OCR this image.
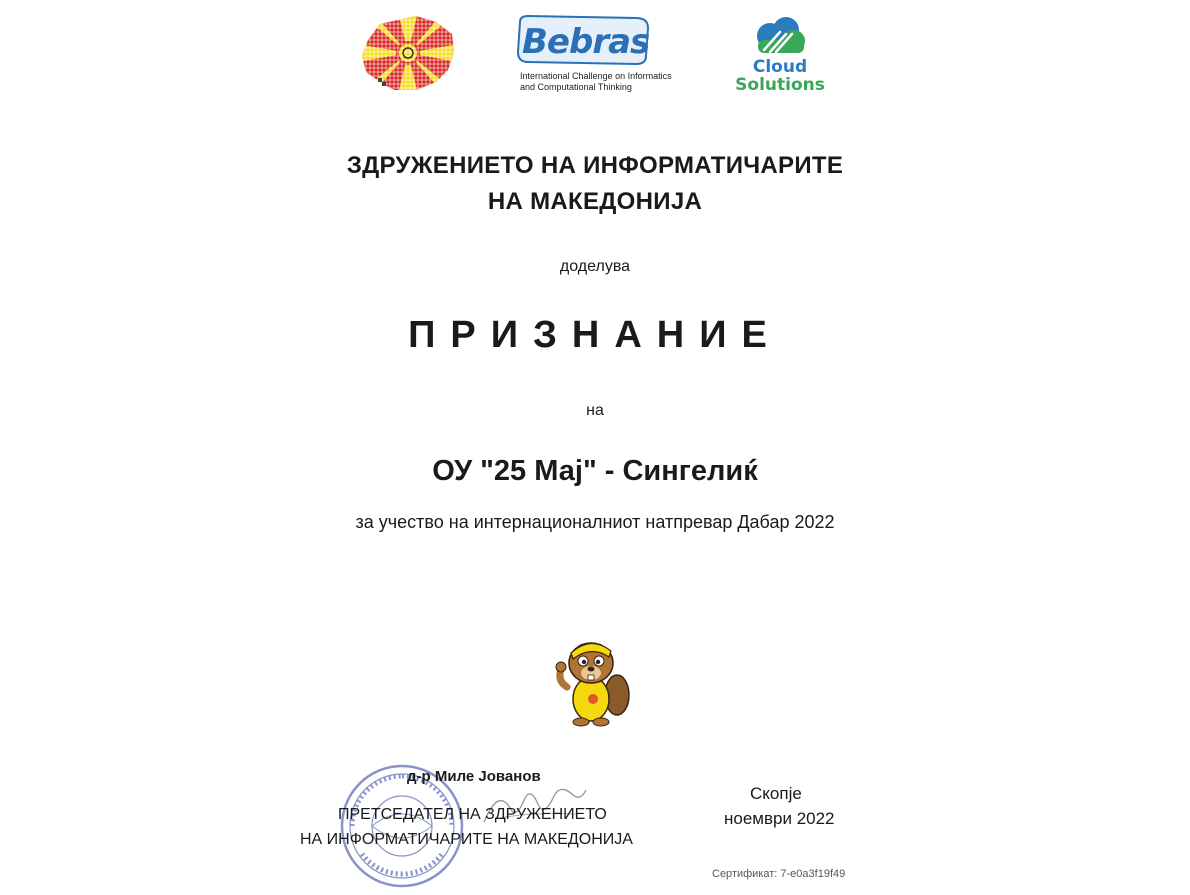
Bebras
International Challenge on Informatics
and Computational Thinking
Cloud
Solutions
ЗДРУЖЕНИЕТО НА ИНФОРМАТИЧАРИТЕ
НА МАКЕДОНИЈА
доделува
ПРИЗНАНИЕ
на
ОУ "25 Мај" - Сингелиќ
за учество на интернационалниот натпревар Дабар 2022
д-р Миле Јованов
ПРЕТСЕДАТЕЛ НА ЗДРУЖЕНИЕТО
НА ИНФОРМАТИЧАРИТЕ НА МАКЕДОНИЈА
Скопје
ноември 2022
Сертификат: 7-e0a3f19f49
